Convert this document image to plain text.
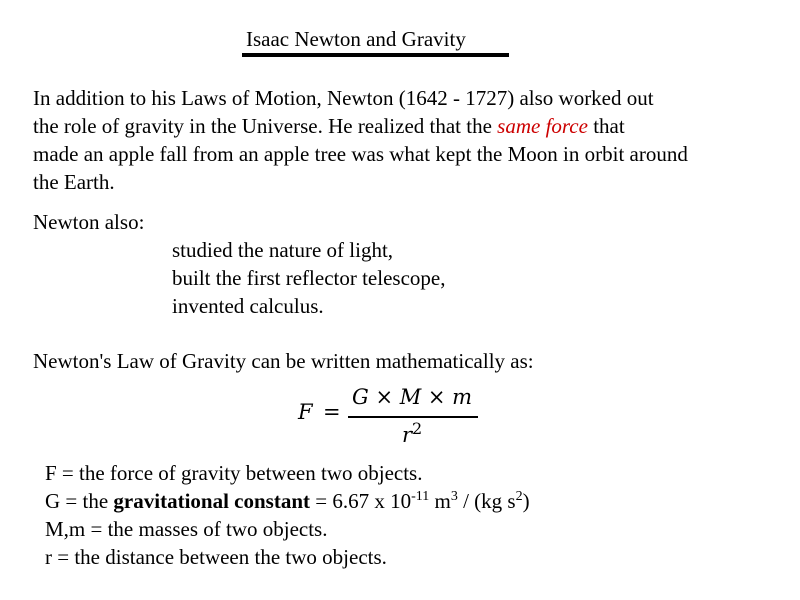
Isaac Newton and Gravity
In addition to his Laws of Motion, Newton (1642 - 1727) also worked out
the role of gravity in the Universe. He realized that the same force that
made an apple fall from an apple tree was what kept the Moon in orbit around
the Earth.
Newton also:
studied the nature of light,
built the first reflector telescope,
invented calculus.
Newton's Law of Gravity can be written mathematically as:
F =
G × M × m
$r^2$
F = the force of gravity between two objects.
G = the gravitational constant = 6.67 x $10^{-11}$ $m^3 / (kg$ $s^2$)
M,m = the masses of two objects.
r = the distance between the two objects.
